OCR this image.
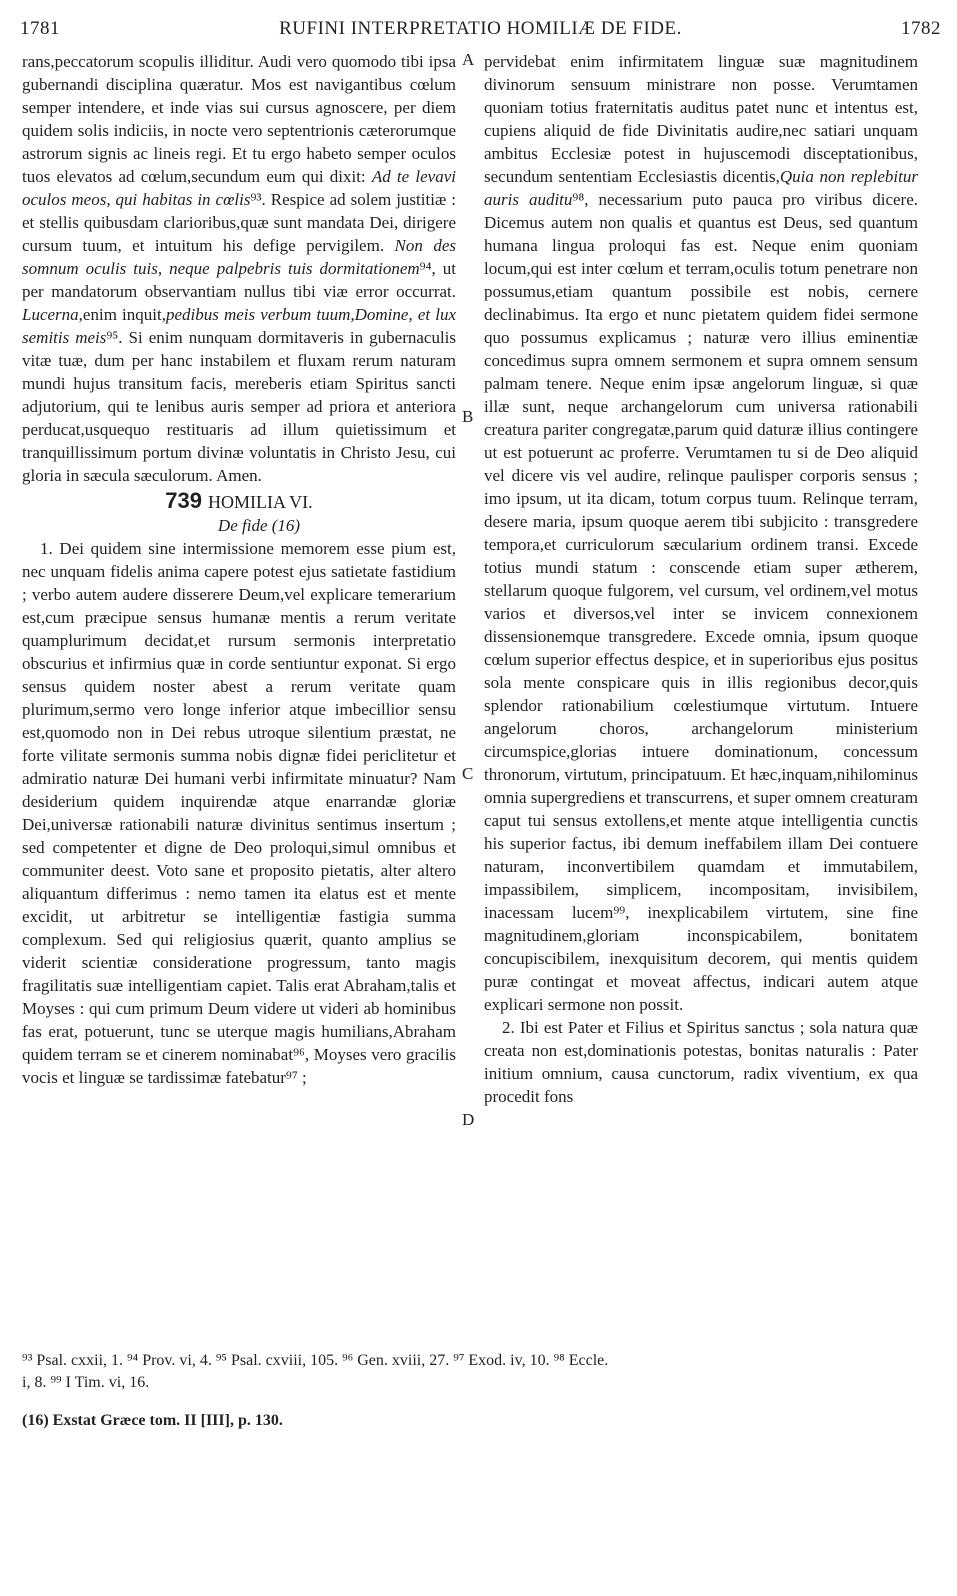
1781	RUFINI INTERPRETATIO HOMILIÆ DE FIDE.	1782

rans,peccatorum scopulis illiditur. Audi vero quomodo tibi ipsa gubernandi disciplina quæratur. Mos est navigantibus cœlum semper intendere, et inde vias sui cursus agnoscere, per diem quidem solis indiciis, in nocte vero septentrionis cæterorumque astrorum signis ac lineis regi. Et tu ergo habeto semper oculos tuos elevatos ad cœlum,secundum eum qui dixit: Ad te levavi oculos meos, qui habitas in cœlis⁹³. Respice ad solem justitiæ : et stellis quibusdam clarioribus,quæ sunt mandata Dei, dirigere cursum tuum, et intuitum his defige pervigilem. Non des somnum oculis tuis, neque palpebris tuis dormitationem⁹⁴, ut per mandatorum observantiam nullus tibi viæ error occurrat. Lucerna,enim inquit,pedibus meis verbum tuum,Domine, et lux semitis meis⁹⁵. Si enim nunquam dormitaveris in gubernaculis vitæ tuæ, dum per hanc instabilem et fluxam rerum naturam mundi hujus transitum facis, mereberis etiam Spiritus sancti adjutorium, qui te lenibus auris semper ad priora et anteriora perducat,usquequo restituaris ad illum quietissimum et tranquillissimum portum divinæ voluntatis in Christo Jesu, cui gloria in sæcula sæculorum. Amen.

739 HOMILIA VI.
De fide (16)

1. Dei quidem sine intermissione memorem esse pium est, nec unquam fidelis anima capere potest ejus satietate fastidium ; verbo autem audere disserere Deum,vel explicare temerarium est,cum præcipue sensus humanæ mentis a rerum veritate quamplurimum decidat,et rursum sermonis interpretatio obscurius et infirmius quæ in corde sentiuntur exponat. Si ergo sensus quidem noster abest a rerum veritate quam plurimum,sermo vero longe inferior atque imbecillior sensu est,quomodo non in Dei rebus utroque silentium præstat, ne forte vilitate sermonis summa nobis dignæ fidei periclitetur et admiratio naturæ Dei humani verbi infirmitate minuatur? Nam desiderium quidem inquirendæ atque enarrandæ gloriæ Dei,universæ rationabili naturæ divinitus sentimus insertum ; sed competenter et digne de Deo proloqui,simul omnibus et communiter deest. Voto sane et proposito pietatis, alter altero aliquantum differimus : nemo tamen ita elatus est et mente excidit, ut arbitretur se intelligentiæ fastigia summa complexum. Sed qui religiosius quærit, quanto amplius se viderit scientiæ consideratione progressum, tanto magis fragilitatis suæ intelligentiam capiet. Talis erat Abraham,talis et Moyses : qui cum primum Deum videre ut videri ab hominibus fas erat, potuerunt, tunc se uterque magis humilians,Abraham quidem terram se et cinerem nominabat⁹⁶, Moyses vero gracilis vocis et linguæ se tardissimæ fatebatur⁹⁷ ;

pervidebat enim infirmitatem linguæ suæ magnitudinem divinorum sensuum ministrare non posse. Verumtamen quoniam totius fraternitatis auditus patet nunc et intentus est, cupiens aliquid de fide Divinitatis audire,nec satiari unquam ambitus Ecclesiæ potest in hujuscemodi disceptationibus, secundum sententiam Ecclesiastis dicentis,Quia non replebitur auris auditu⁹⁸, necessarium puto pauca pro viribus dicere. Dicemus autem non qualis et quantus est Deus, sed quantum humana lingua proloqui fas est. Neque enim quoniam locum,qui est inter cœlum et terram,oculis totum penetrare non possumus,etiam quantum possibile est nobis, cernere declinabimus. Ita ergo et nunc pietatem quidem fidei sermone quo possumus explicamus ; naturæ vero illius eminentiæ concedimus supra omnem sermonem et supra omnem sensum palmam tenere. Neque enim ipsæ angelorum linguæ, si quæ illæ sunt, neque archangelorum cum universa rationabili creatura pariter congregatæ,parum quid daturæ illius contingere ut est potuerunt ac proferre. Verumtamen tu si de Deo aliquid vel dicere vis vel audire, relinque paulisper corporis sensus ; imo ipsum, ut ita dicam, totum corpus tuum. Relinque terram, desere maria, ipsum quoque aerem tibi subjicito : transgredere tempora,et curriculorum sæcularium ordinem transi. Excede totius mundi statum : conscende etiam super ætherem, stellarum quoque fulgorem, vel cursum, vel ordinem,vel motus varios et diversos,vel inter se invicem connexionem dissensionemque transgredere. Excede omnia, ipsum quoque cœlum superior effectus despice, et in superioribus ejus positus sola mente conspicare quis in illis regionibus decor,quis splendor rationabilium cœlestiumque virtutum. Intuere angelorum choros, archangelorum ministerium circumspice,glorias intuere dominationum, concessum thronorum, virtutum, principatuum. Et hæc,inquam,nihilominus omnia supergrediens et transcurrens, et super omnem creaturam caput tui sensus extollens,et mente atque intelligentia cunctis his superior factus, ibi demum ineffabilem illam Dei contuere naturam, inconvertibilem quamdam et immutabilem, impassibilem, simplicem, incompositam, invisibilem, inacessam lucem⁹⁹, inexplicabilem virtutem, sine fine magnitudinem,gloriam inconspicabilem, bonitatem concupiscibilem, inexquisitum decorem, qui mentis quidem puræ contingat et moveat affectus, indicari autem atque explicari sermone non possit.

2. Ibi est Pater et Filius et Spiritus sanctus ; sola natura quæ creata non est,dominationis potestas, bonitas naturalis : Pater initium omnium, causa cunctorum, radix viventium, ex qua procedit fons

A
B
C
D
⁹³ Psal. cxxii, 1. ⁹⁴ Prov. vi, 4. ⁹⁵ Psal. cxviii, 105. ⁹⁶ Gen. xviii, 27. ⁹⁷ Exod. iv, 10. ⁹⁸ Eccle.
i, 8. ⁹⁹ I Tim. vi, 16.
(16) Exstat Græce tom. II [III], p. 130.
